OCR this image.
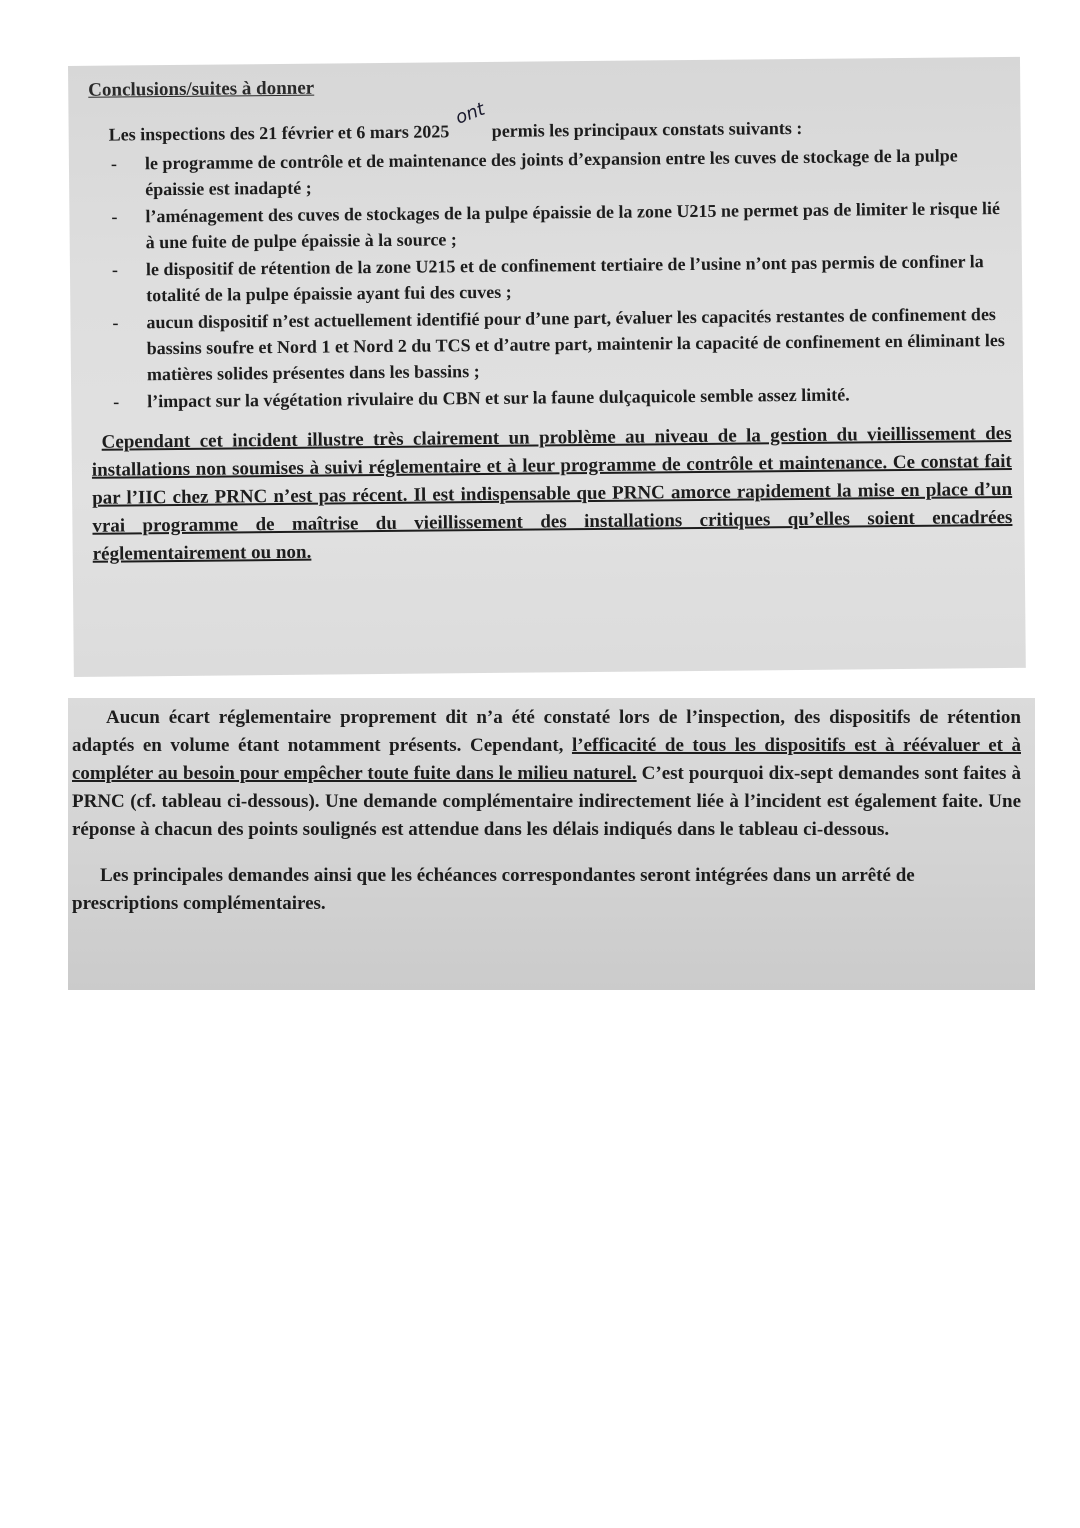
Conclusions/suites à donner

Les inspections des 21 février et 6 mars 2025 ont permis les principaux constats suivants :

- le programme de contrôle et de maintenance des joints d’expansion entre les cuves de stockage de la pulpe épaissie est inadapté ;
- l’aménagement des cuves de stockages de la pulpe épaissie de la zone U215 ne permet pas de limiter le risque lié à une fuite de pulpe épaissie à la source ;
- le dispositif de rétention de la zone U215 et de confinement tertiaire de l’usine n’ont pas permis de confiner la totalité de la pulpe épaissie ayant fui des cuves ;
- aucun dispositif n’est actuellement identifié pour d’une part, évaluer les capacités restantes de confinement des bassins soufre et Nord 1 et Nord 2 du TCS et d’autre part, maintenir la capacité de confinement en éliminant les matières solides présentes dans les bassins ;
- l’impact sur la végétation rivulaire du CBN et sur la faune dulçaquicole semble assez limité.

Cependant cet incident illustre très clairement un problème au niveau de la gestion du vieillissement des installations non soumises à suivi réglementaire et à leur programme de contrôle et maintenance. Ce constat fait par l’IIC chez PRNC n’est pas récent. Il est indispensable que PRNC amorce rapidement la mise en place d’un vrai programme de maîtrise du vieillissement des installations critiques qu’elles soient encadrées réglementairement ou non.

Aucun écart réglementaire proprement dit n’a été constaté lors de l’inspection, des dispositifs de rétention adaptés en volume étant notamment présents. Cependant, l’efficacité de tous les dispositifs est à réévaluer et à compléter au besoin pour empêcher toute fuite dans le milieu naturel. C’est pourquoi dix-sept demandes sont faites à PRNC (cf. tableau ci-dessous). Une demande complémentaire indirectement liée à l’incident est également faite. Une réponse à chacun des points soulignés est attendue dans les délais indiqués dans le tableau ci-dessous.

Les principales demandes ainsi que les échéances correspondantes seront intégrées dans un arrêté de prescriptions complémentaires.
